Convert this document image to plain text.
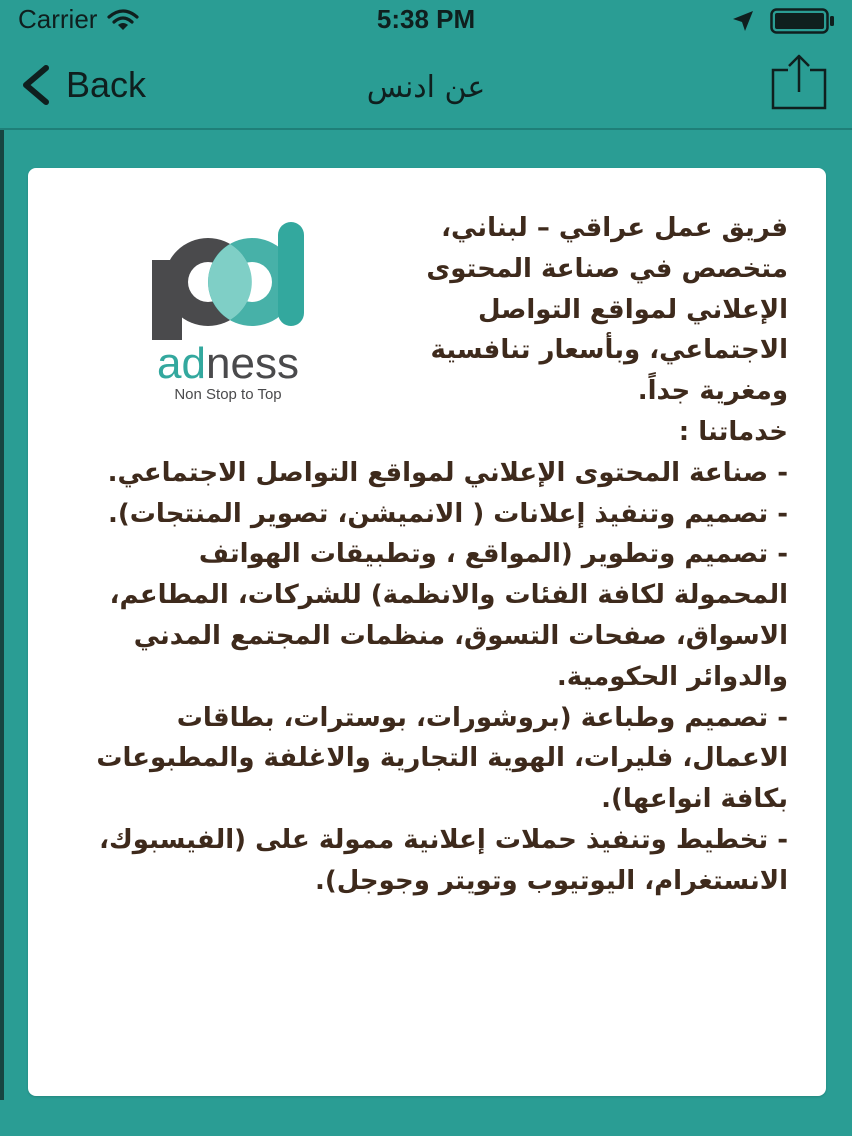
Carrier	5:38 PM
Back	عن ادنس
adness
Non Stop to Top

فريق عمل عراقي – لبناني، متخصص في صناعة المحتوى الإعلاني لمواقع التواصل الاجتماعي، وبأسعار تنافسية ومغرية جداً.

خدماتنا :

- صناعة المحتوى الإعلاني لمواقع التواصل الاجتماعي.

- تصميم وتنفيذ إعلانات ( الانميشن، تصوير المنتجات).

- تصميم وتطوير (المواقع ، وتطبيقات الهواتف المحمولة لكافة الفئات والانظمة) للشركات، المطاعم، الاسواق، صفحات التسوق، منظمات المجتمع المدني والدوائر الحكومية.

- تصميم وطباعة (بروشورات، بوسترات، بطاقات الاعمال، فليرات، الهوية التجارية والاغلفة والمطبوعات بكافة انواعها).

- تخطيط وتنفيذ حملات إعلانية ممولة على (الفيسبوك، الانستغرام، اليوتيوب وتويتر وجوجل).
